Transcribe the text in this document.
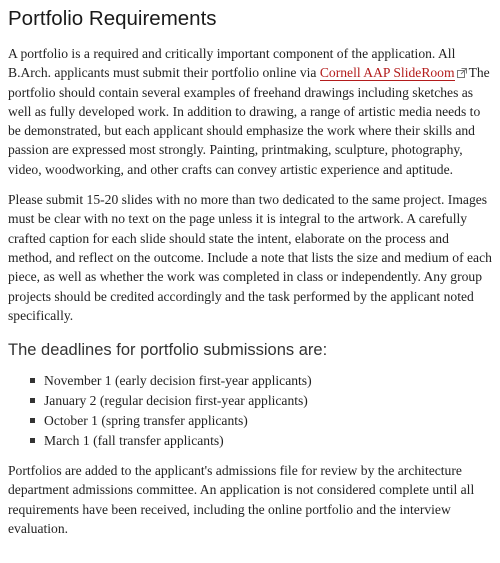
Portfolio Requirements

A portfolio is a required and critically important component of the application. All B.Arch. applicants must submit their portfolio online via Cornell AAP SlideRoom The portfolio should contain several examples of freehand drawings including sketches as well as fully developed work. In addition to drawing, a range of artistic media needs to be demonstrated, but each applicant should emphasize the work where their skills and passion are expressed most strongly. Painting, printmaking, sculpture, photography, video, woodworking, and other crafts can convey artistic experience and aptitude.

Please submit 15-20 slides with no more than two dedicated to the same project. Images must be clear with no text on the page unless it is integral to the artwork. A carefully crafted caption for each slide should state the intent, elaborate on the process and method, and reflect on the outcome. Include a note that lists the size and medium of each piece, as well as whether the work was completed in class or independently. Any group projects should be credited accordingly and the task performed by the applicant noted specifically.

The deadlines for portfolio submissions are:
November 1 (early decision first-year applicants)
January 2 (regular decision first-year applicants)
October 1 (spring transfer applicants)
March 1 (fall transfer applicants)

Portfolios are added to the applicant's admissions file for review by the architecture department admissions committee. An application is not considered complete until all requirements have been received, including the online portfolio and the interview evaluation.
